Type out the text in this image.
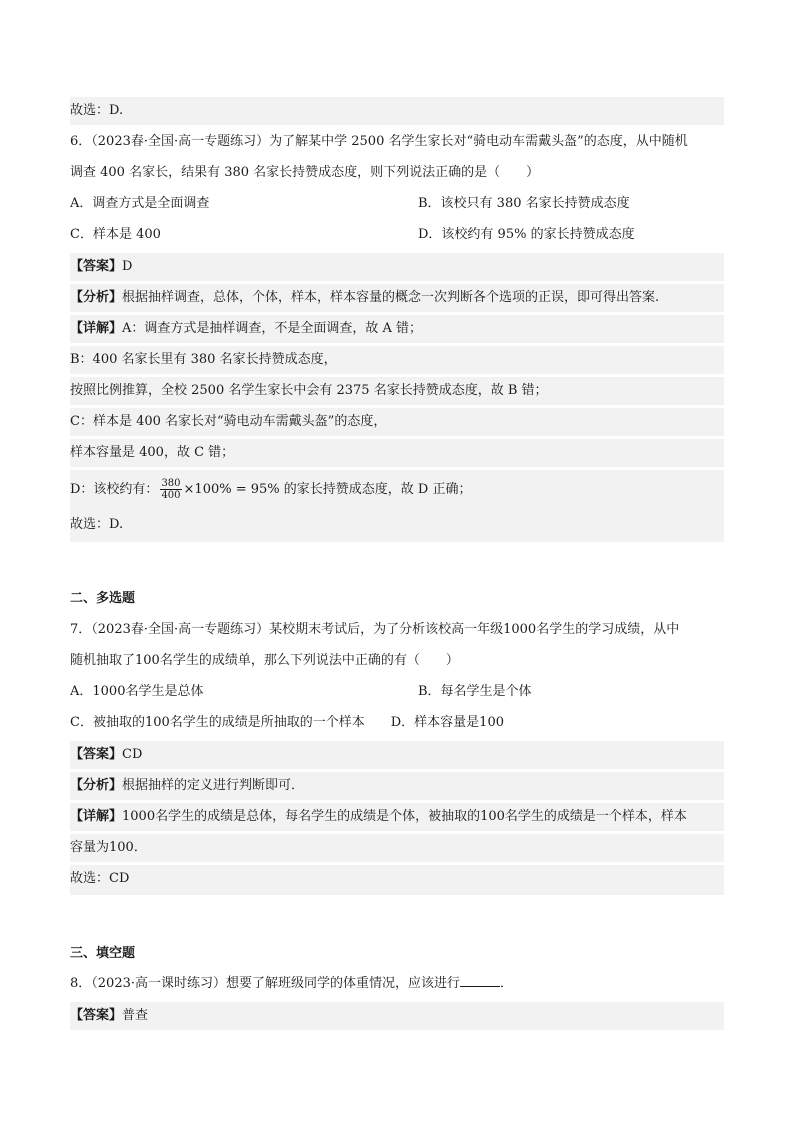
故选：D.
6．（2023春·全国·高一专题练习）为了解某中学 2500 名学生家长对“骑电动车需戴头盔”的态度，从中随机
调查 400 名家长，结果有 380 名家长持赞成态度，则下列说法正确的是（　　）
A．调查方式是全面调查	B．该校只有 380 名家长持赞成态度
C．样本是 400	D．该校约有 95% 的家长持赞成态度
【答案】D
【分析】根据抽样调查，总体，个体，样本，样本容量的概念一次判断各个选项的正误，即可得出答案.
【详解】A：调查方式是抽样调查，不是全面调查，故 A 错；
B：400 名家长里有 380 名家长持赞成态度，
按照比例推算，全校 2500 名学生家长中会有 2375 名家长持赞成态度，故 B 错；
C：样本是 400 名家长对“骑电动车需戴头盔”的态度，
样本容量是 400，故 C 错；
D：该校约有： $\frac{380}{400} \times 100\% = 95\%$ 的家长持赞成态度，故 D 正确；
故选：D.
二、多选题
7．（2023春·全国·高一专题练习）某校期末考试后，为了分析该校高一年级1000名学生的学习成绩，从中
随机抽取了100名学生的成绩单，那么下列说法中正确的有（　　）
A．1000名学生是总体	B．每名学生是个体
C．被抽取的100名学生的成绩是所抽取的一个样本　　D．样本容量是100
【答案】CD
【分析】根据抽样的定义进行判断即可．
【详解】1000名学生的成绩是总体，每名学生的成绩是个体，被抽取的100名学生的成绩是一个样本，样本
容量为100．
故选：CD
三、填空题
8．（2023·高一课时练习）想要了解班级同学的体重情况，应该进行	．
【答案】普查
